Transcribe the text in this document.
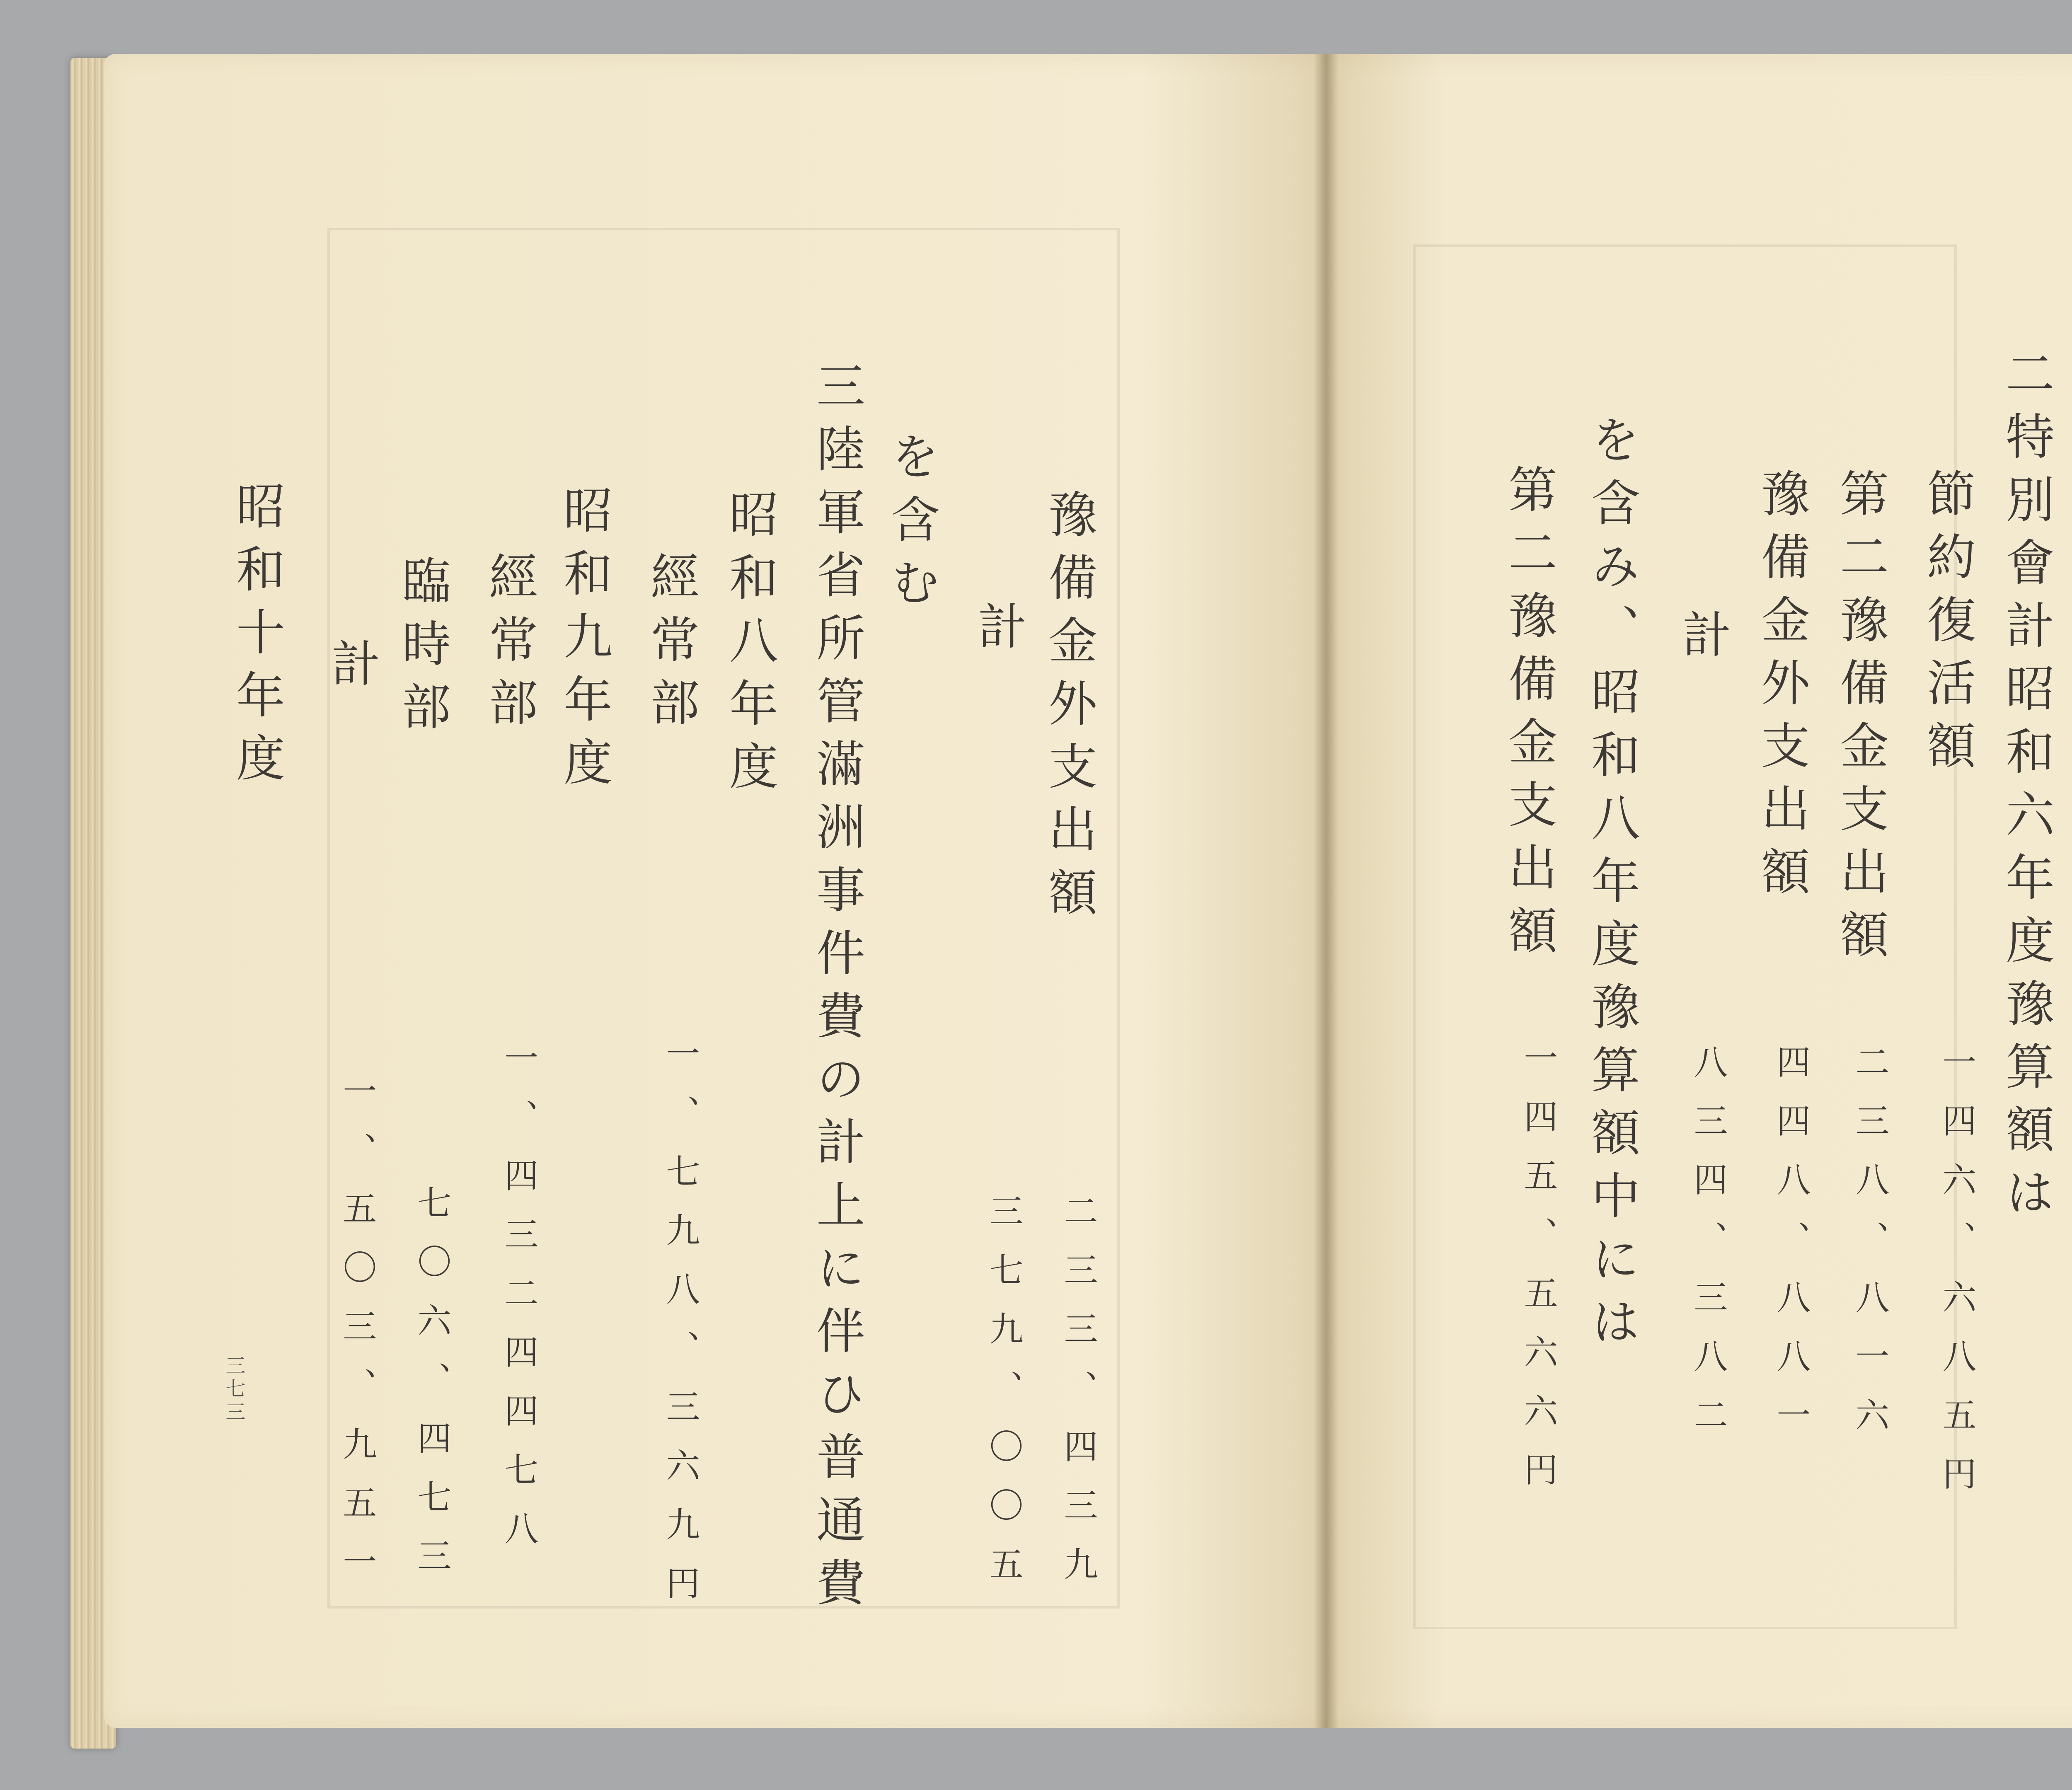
豫備金外支出額
二三三、四三九
計
三七九、〇〇五
を含む
三陸軍省所管滿洲事件費の計上に伴ひ普通費
昭和八年度
經常部
一、七九八、三六九円
昭和九年度
經常部
一、四三二四四七八
臨時部
七〇六、四七三
計
一、五〇三、九五一
昭和十年度	二特別會計昭和六年度豫算額は
節約復活額
一四六、六八五円
第二豫備金支出額
二三八、八一六
豫備金外支出額
四四八、八八一
計
八三四、三八二
を含み、昭和八年度豫算額中には
第二豫備金支出額
一四五、五六六円
三七三
